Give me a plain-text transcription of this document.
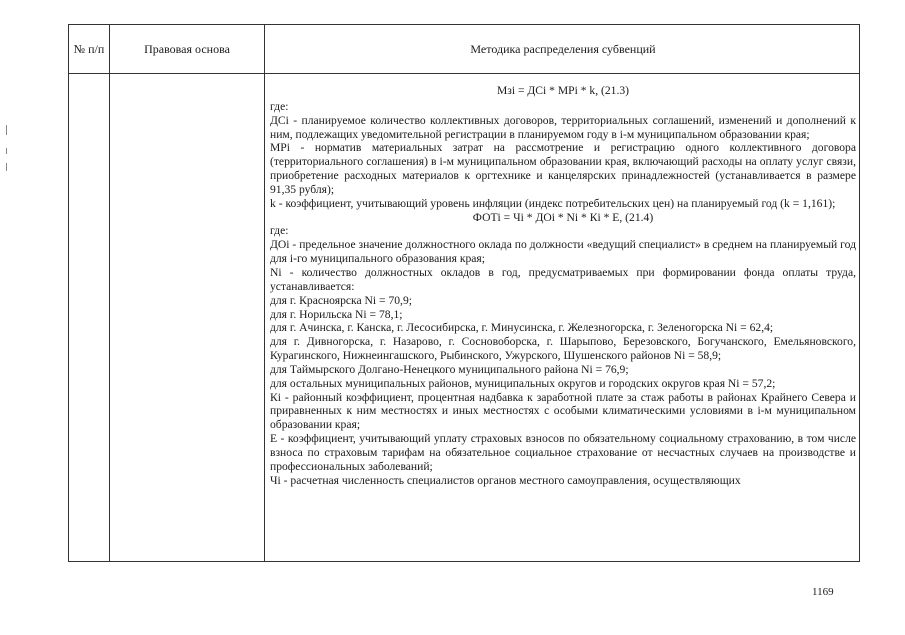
№ п/п	Правовая основа	Методика распределения субвенций

Мзi = ДСi * МРi * k, (21.3)

где:

ДСi - планируемое количество коллективных договоров, территориальных соглашений, изменений и дополнений к ним, подлежащих уведомительной регистрации в планируемом году в i-м муниципальном образовании края;

МРi - норматив материальных затрат на рассмотрение и регистрацию одного коллективного договора (территориального соглашения) в i-м муниципальном образовании края, включающий расходы на оплату услуг связи, приобретение расходных материалов к оргтехнике и канцелярских принадлежностей (устанавливается в размере 91,35 рубля);

k - коэффициент, учитывающий уровень инфляции (индекс потребительских цен) на планируемый год (k = 1,161);

ФОТi = Чi * ДОi * Ni * Кi * Е, (21.4)

где:

ДОi - предельное значение должностного оклада по должности «ведущий специалист» в среднем на планируемый год для i-го муниципального образования края;

Ni - количество должностных окладов в год, предусматриваемых при формировании фонда оплаты труда, устанавливается:

для г. Красноярска Ni = 70,9;

для г. Норильска Ni = 78,1;

для г. Ачинска, г. Канска, г. Лесосибирска, г. Минусинска, г. Железногорска, г. Зеленогорска Ni = 62,4;

для г. Дивногорска, г. Назарово, г. Сосновоборска, г. Шарыпово, Березовского, Богучанского, Емельяновского, Курагинского, Нижнеингашского, Рыбинского, Ужурского, Шушенского районов Ni = 58,9;

для Таймырского Долгано-Ненецкого муниципального района Ni = 76,9;

для остальных муниципальных районов, муниципальных округов и городских округов края Ni = 57,2;

Кi - районный коэффициент, процентная надбавка к заработной плате за стаж работы в районах Крайнего Севера и приравненных к ним местностях и иных местностях с особыми климатическими условиями в i-м муниципальном образовании края;

Е - коэффициент, учитывающий уплату страховых взносов по обязательному социальному страхованию, в том числе взноса по страховым тарифам на обязательное социальное страхование от несчастных случаев на производстве и профессиональных заболеваний;

Чi - расчетная численность специалистов органов местного самоуправления, осуществляющих

1169
